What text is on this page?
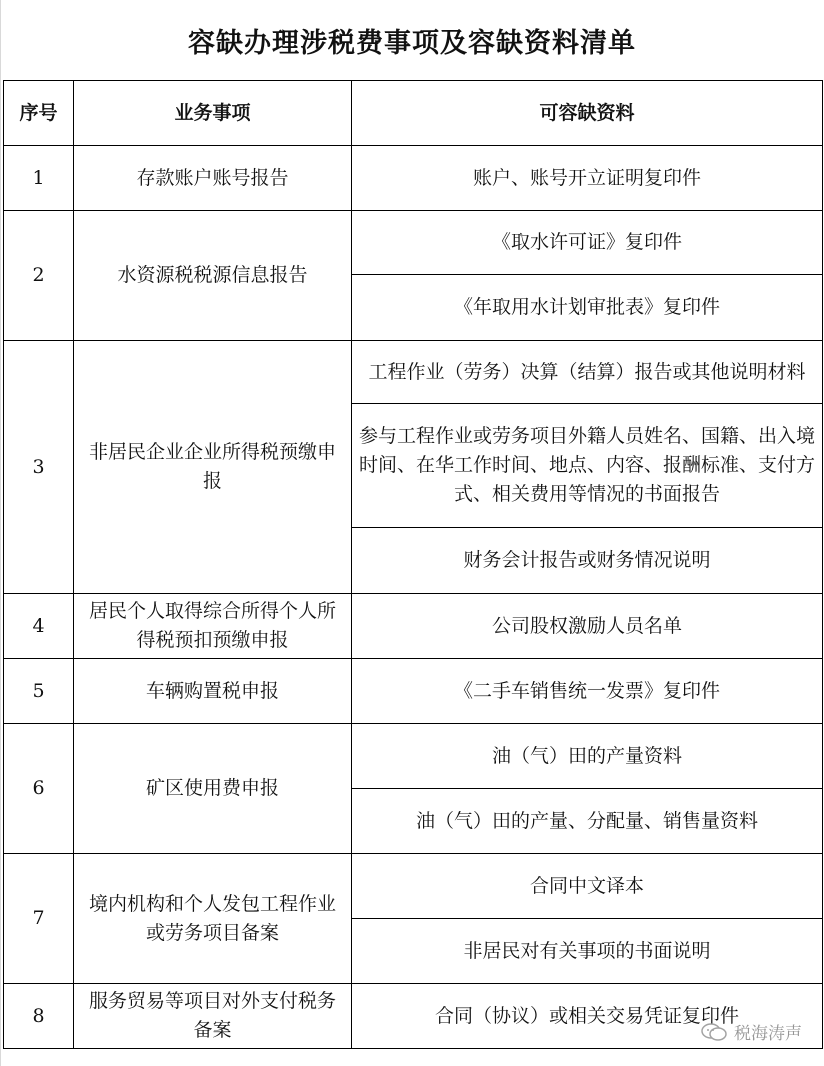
容缺办理涉税费事项及容缺资料清单
序号	业务事项	可容缺资料
1	存款账户账号报告	账户、账号开立证明复印件
2	水资源税税源信息报告	《取水许可证》复印件
		《年取用水计划审批表》复印件
3	非居民企业企业所得税预缴申报	工程作业（劳务）决算（结算）报告或其他说明材料
		参与工程作业或劳务项目外籍人员姓名、国籍、出入境时间、在华工作时间、地点、内容、报酬标准、支付方式、相关费用等情况的书面报告
		财务会计报告或财务情况说明
4	居民个人取得综合所得个人所得税预扣预缴申报	公司股权激励人员名单
5	车辆购置税申报	《二手车销售统一发票》复印件
6	矿区使用费申报	油（气）田的产量资料
		油（气）田的产量、分配量、销售量资料
7	境内机构和个人发包工程作业或劳务项目备案	合同中文译本
		非居民对有关事项的书面说明
8	服务贸易等项目对外支付税务备案	合同（协议）或相关交易凭证复印件
税海涛声
